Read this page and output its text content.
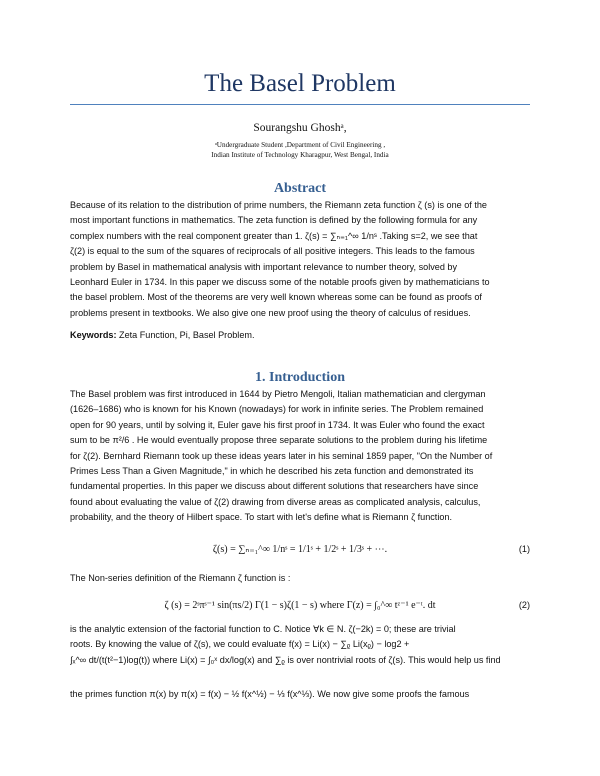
The Basel Problem
Sourangshu Ghoshᵃ,
ᵃUndergraduate Student ,Department of Civil Engineering ,
Indian Institute of Technology Kharagpur, West Bengal, India
Abstract
Because of its relation to the distribution of prime numbers, the Riemann zeta function ζ (s) is one of the
most important functions in mathematics. The zeta function is defined by the following formula for any
complex numbers with the real component greater than 1. ζ(s) = ∑ₙ₌₁^∞ 1/nˢ .Taking s=2, we see that
ζ(2) is equal to the sum of the squares of reciprocals of all positive integers. This leads to the famous
problem by Basel in mathematical analysis with important relevance to number theory, solved by
Leonhard Euler in 1734. In this paper we discuss some of the notable proofs given by mathematicians to
the basel problem. Most of the theorems are very well known whereas some can be found as proofs of
problems present in textbooks. We also give one new proof using the theory of calculus of residues.
Keywords: Zeta Function, Pi, Basel Problem.
1. Introduction
The Basel problem was first introduced in 1644 by Pietro Mengoli, Italian mathematician and clergyman
(1626–1686) who is known for his Known (nowadays) for work in infinite series. The Problem remained
open for 90 years, until by solving it, Euler gave his first proof in 1734. It was Euler who found the exact
sum to be π²/6 . He would eventually propose three separate solutions to the problem during his lifetime
for ζ(2). Bernhard Riemann took up these ideas years later in his seminal 1859 paper, "On the Number of
Primes Less Than a Given Magnitude," in which he described his zeta function and demonstrated its
fundamental properties. In this paper we discuss about different solutions that researchers have since
found about evaluating the value of ζ(2) drawing from diverse areas as complicated analysis, calculus,
probability, and the theory of Hilbert space. To start with let's define what is Riemann ζ function.
ζ(s) = ∑ₙ₌₁^∞ 1/nˢ = 1/1ˢ + 1/2ˢ + 1/3ˢ + ⋯.	(1)
The Non-series definition of the Riemann ζ function is :
ζ (s) = 2ˢπˢ⁻¹ sin(πs/2) Γ(1 − s)ζ(1 − s) where Γ(z) = ∫₀^∞ tᶻ⁻¹ e⁻ᵗ. dt	(2)
is the analytic extension of the factorial function to C. Notice ∀k ∈ N. ζ(−2k) = 0; these are trivial
roots. By knowing the value of ζ(s), we could evaluate f(x) = Li(x) − ∑ᵨ Li(xᵨ) − log2 +
∫ₓ^∞ dt/(t(t²−1)log(t)) where Li(x) = ∫₀ˣ dx/log(x) and ∑ᵨ is over nontrivial roots of ζ(s). This would help us find
the primes function π(x) by π(x) = f(x) − ½ f(x^½) − ⅓ f(x^⅓). We now give some proofs the famous
